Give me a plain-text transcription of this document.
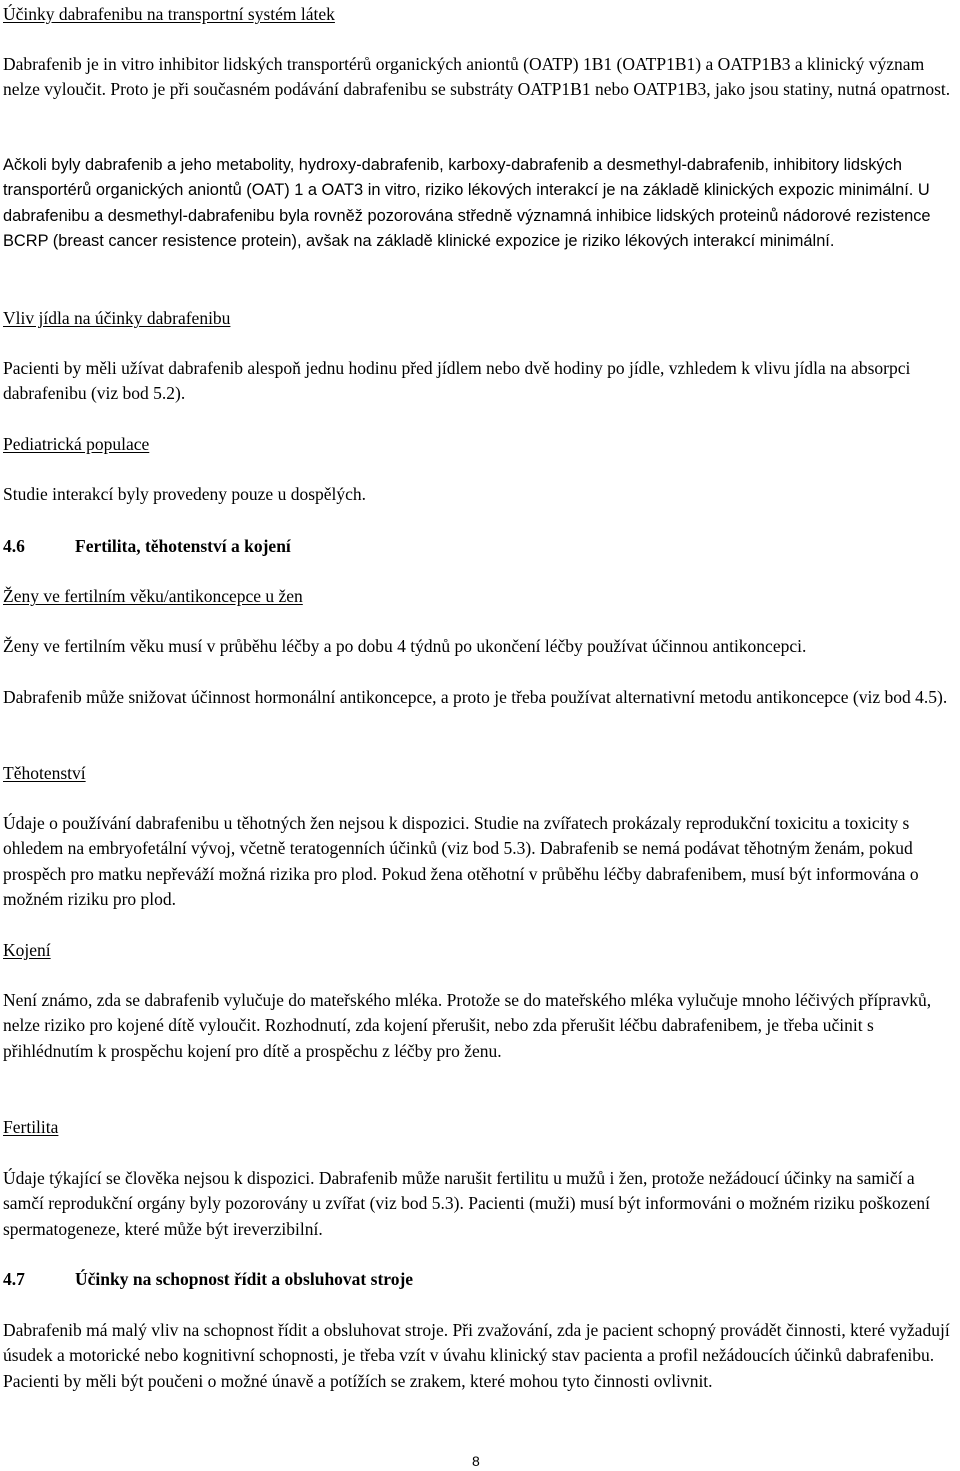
Účinky dabrafenibu na transportní systém látek

Dabrafenib je in vitro inhibitor lidských transportérů organických aniontů (OATP) 1B1 (OATP1B1) a OATP1B3 a klinický význam nelze vyloučit. Proto je při současném podávání dabrafenibu se substráty OATP1B1 nebo OATP1B3, jako jsou statiny, nutná opatrnost.

Ačkoli byly dabrafenib a jeho metabolity, hydroxy-dabrafenib, karboxy-dabrafenib a desmethyl-dabrafenib, inhibitory lidských transportérů organických aniontů (OAT) 1 a OAT3 in vitro, riziko lékových interakcí je na základě klinických expozic minimální. U dabrafenibu a desmethyl-dabrafenibu byla rovněž pozorována středně významná inhibice lidských proteinů nádorové rezistence BCRP (breast cancer resistence protein), avšak na základě klinické expozice je riziko lékových interakcí minimální.

Vliv jídla na účinky dabrafenibu

Pacienti by měli užívat dabrafenib alespoň jednu hodinu před jídlem nebo dvě hodiny po jídle, vzhledem k vlivu jídla na absorpci dabrafenibu (viz bod 5.2).

Pediatrická populace

Studie interakcí byly provedeny pouze u dospělých.

4.6	Fertilita, těhotenství a kojení
Ženy ve fertilním věku/antikoncepce u žen

Ženy ve fertilním věku musí v průběhu léčby a po dobu 4 týdnů po ukončení léčby používat účinnou antikoncepci.

Dabrafenib může snižovat účinnost hormonální antikoncepce, a proto je třeba používat alternativní metodu antikoncepce (viz bod 4.5).

Těhotenství

Údaje o používání dabrafenibu u těhotných žen nejsou k dispozici. Studie na zvířatech prokázaly reprodukční toxicitu a toxicity s ohledem na embryofetální vývoj, včetně teratogenních účinků (viz bod 5.3). Dabrafenib se nemá podávat těhotným ženám, pokud prospěch pro matku nepřeváží možná rizika pro plod. Pokud žena otěhotní v průběhu léčby dabrafenibem, musí být informována o možném riziku pro plod.

Kojení

Není známo, zda se dabrafenib vylučuje do mateřského mléka. Protože se do mateřského mléka vylučuje mnoho léčivých přípravků, nelze riziko pro kojené dítě vyloučit. Rozhodnutí, zda kojení přerušit, nebo zda přerušit léčbu dabrafenibem, je třeba učinit s přihlédnutím k prospěchu kojení pro dítě a prospěchu z léčby pro ženu.

Fertilita

Údaje týkající se člověka nejsou k dispozici. Dabrafenib může narušit fertilitu u mužů i žen, protože nežádoucí účinky na samičí a samčí reprodukční orgány byly pozorovány u zvířat (viz bod 5.3). Pacienti (muži) musí být informováni o možném riziku poškození spermatogeneze, které může být ireverzibilní.

4.7	Účinky na schopnost řídit a obsluhovat stroje

Dabrafenib má malý vliv na schopnost řídit a obsluhovat stroje. Při zvažování, zda je pacient schopný provádět činnosti, které vyžadují úsudek a motorické nebo kognitivní schopnosti, je třeba vzít v úvahu klinický stav pacienta a profil nežádoucích účinků dabrafenibu. Pacienti by měli být poučeni o možné únavě a potížích se zrakem, které mohou tyto činnosti ovlivnit.

8
